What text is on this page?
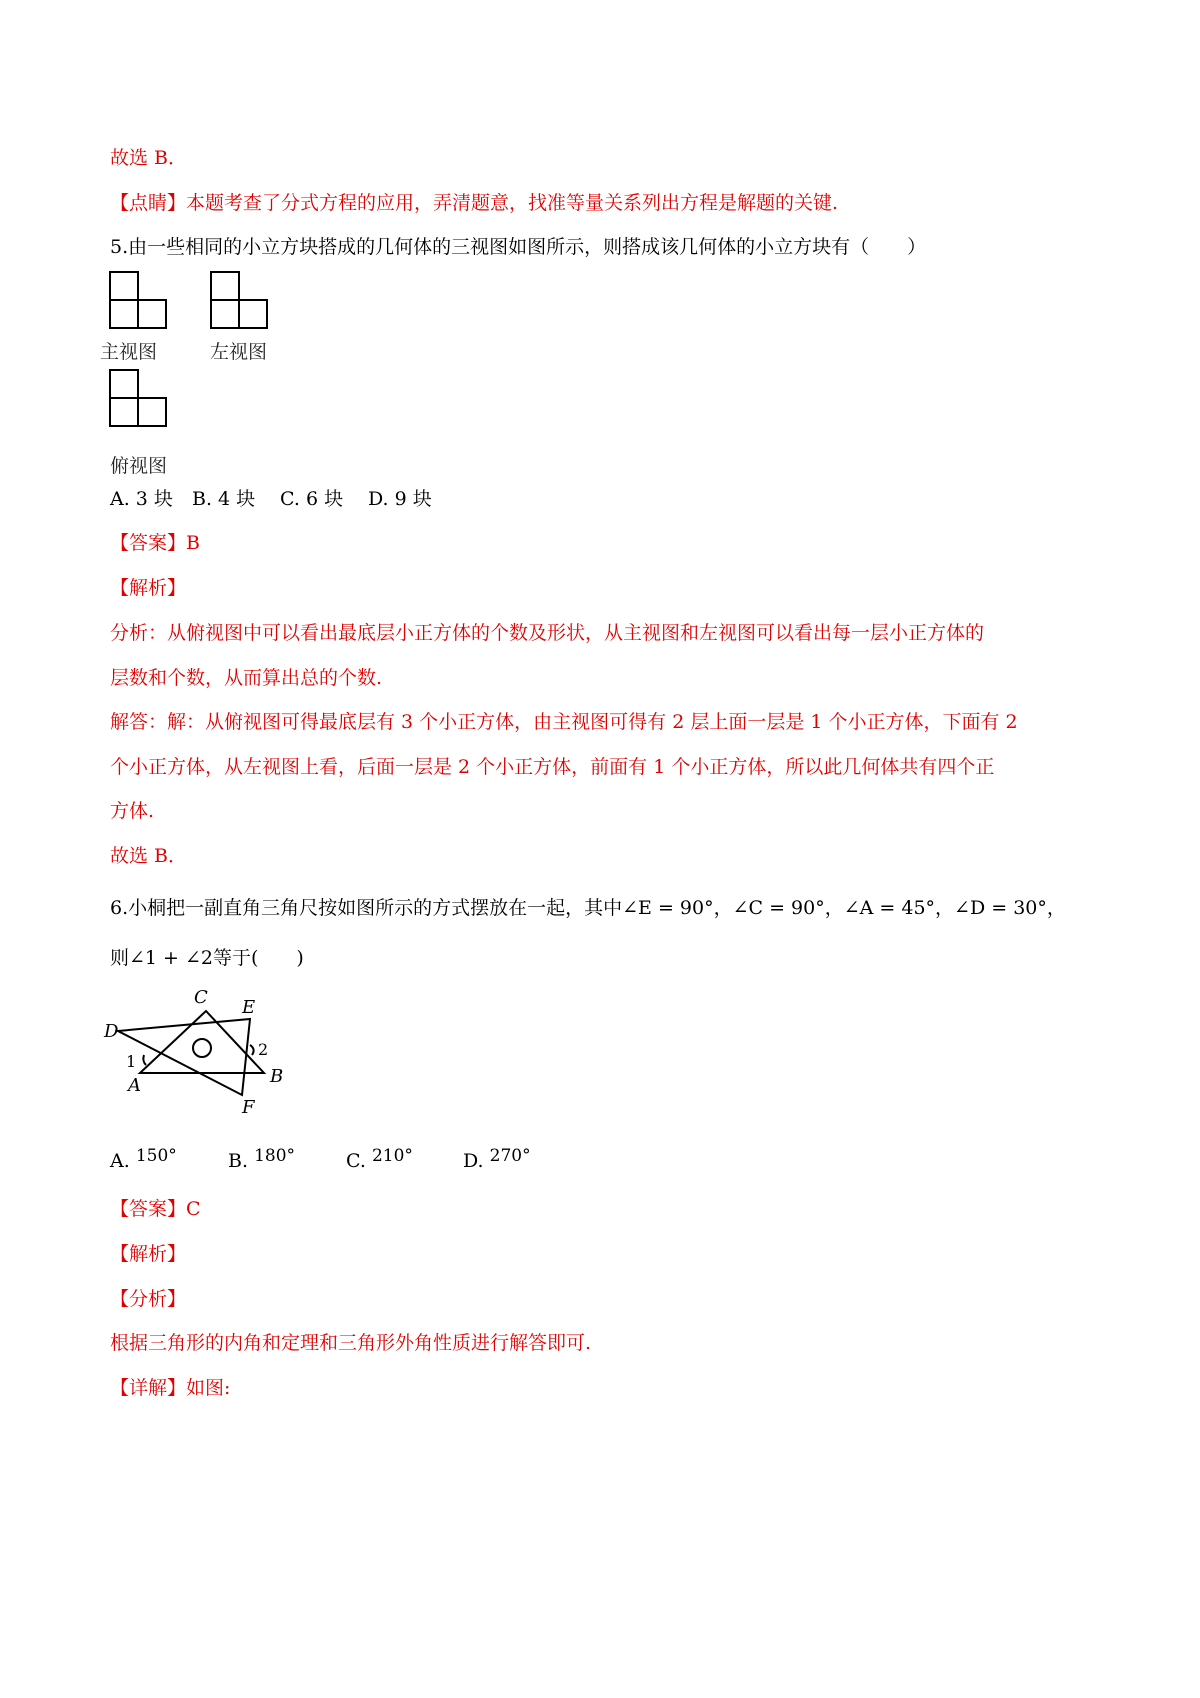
故选 B．
【点睛】本题考查了分式方程的应用，弄清题意，找准等量关系列出方程是解题的关键.
5.由一些相同的小立方块搭成的几何体的三视图如图所示，则搭成该几何体的小立方块有（　　）
主视图	左视图
俯视图
A. 3 块 B. 4 块 C. 6 块 D. 9 块
【答案】B
【解析】
分析：从俯视图中可以看出最底层小正方体的个数及形状，从主视图和左视图可以看出每一层小正方体的
层数和个数，从而算出总的个数.
解答：解：从俯视图可得最底层有 3 个小正方体，由主视图可得有 2 层上面一层是 1 个小正方体，下面有 2
个小正方体，从左视图上看，后面一层是 2 个小正方体，前面有 1 个小正方体，所以此几何体共有四个正
方体.
故选 B．
6.小桐把一副直角三角尺按如图所示的方式摆放在一起，其中∠E = 90°，∠C = 90°，∠A = 45°，∠D = 30°，
则∠1 + ∠2等于(　　)
C E
D
A	B
F
1
2
A. 150°	B. 180°	C. 210°	D. 270°
【答案】C
【解析】
【分析】
根据三角形的内角和定理和三角形外角性质进行解答即可.
【详解】如图:
